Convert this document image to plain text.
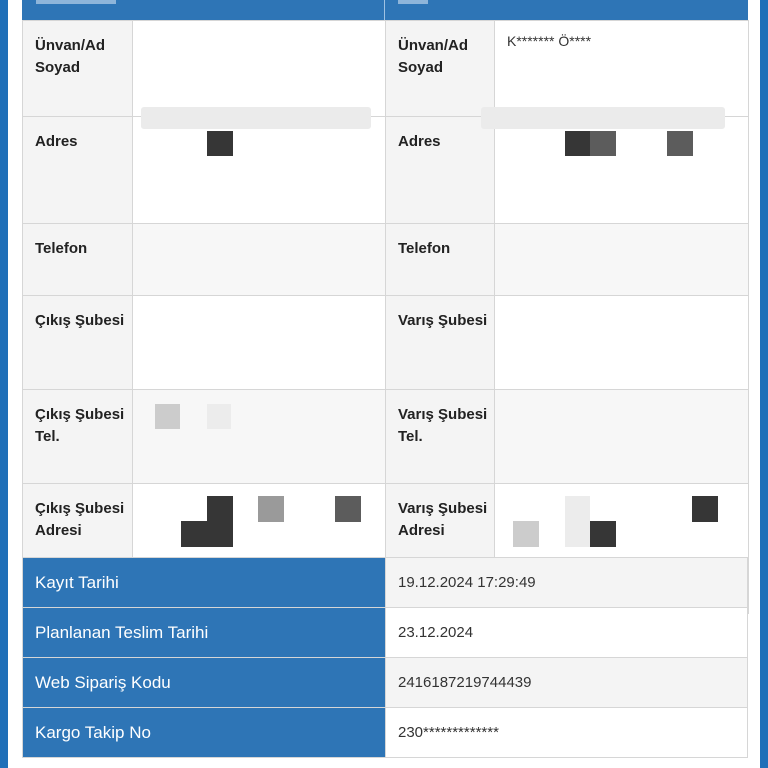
Ünvan/Ad Soyad		Ünvan/Ad Soyad	K******* Ö****
Adres		Adres	

Telefon		Telefon	
Çıkış Şubesi		Varış Şubesi	
Çıkış Şubesi Tel.		Varış Şubesi Tel.	
Çıkış Şubesi Adresi		Varış Şubesi Adresi	
Kayıt Tarihi	19.12.2024 17:29:49
Planlanan Teslim Tarihi	23.12.2024
Web Sipariş Kodu	2416187219744439
Kargo Takip No	230*************
